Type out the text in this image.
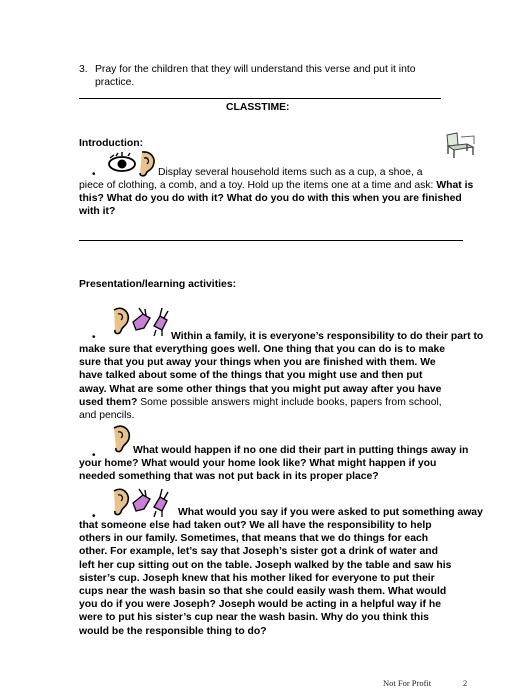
3. Pray for the children that they will understand this verse and put it into
practice.
CLASSTIME:
Introduction:
•	Display several household items such as a cup, a shoe, a
piece of clothing, a comb, and a toy. Hold up the items one at a time and ask: What is
this? What do you do with it? What do you do with this when you are finished
with it?
Presentation/learning activities:
•	Within a family, it is everyone’s responsibility to do their part to
make sure that everything goes well. One thing that you can do is to make
sure that you put away your things when you are finished with them. We
have talked about some of the things that you might use and then put
away. What are some other things that you might put away after you have
used them? Some possible answers might include books, papers from school,
and pencils.
•	What would happen if no one did their part in putting things away in
your home? What would your home look like? What might happen if you
needed something that was not put back in its proper place?
•	What would you say if you were asked to put something away
that someone else had taken out? We all have the responsibility to help
others in our family. Sometimes, that means that we do things for each
other. For example, let’s say that Joseph’s sister got a drink of water and
left her cup sitting out on the table. Joseph walked by the table and saw his
sister’s cup. Joseph knew that his mother liked for everyone to put their
cups near the wash basin so that she could easily wash them. What would
you do if you were Joseph? Joseph would be acting in a helpful way if he
were to put his sister’s cup near the wash basin. Why do you think this
would be the responsible thing to do?
Not For Profit	2
